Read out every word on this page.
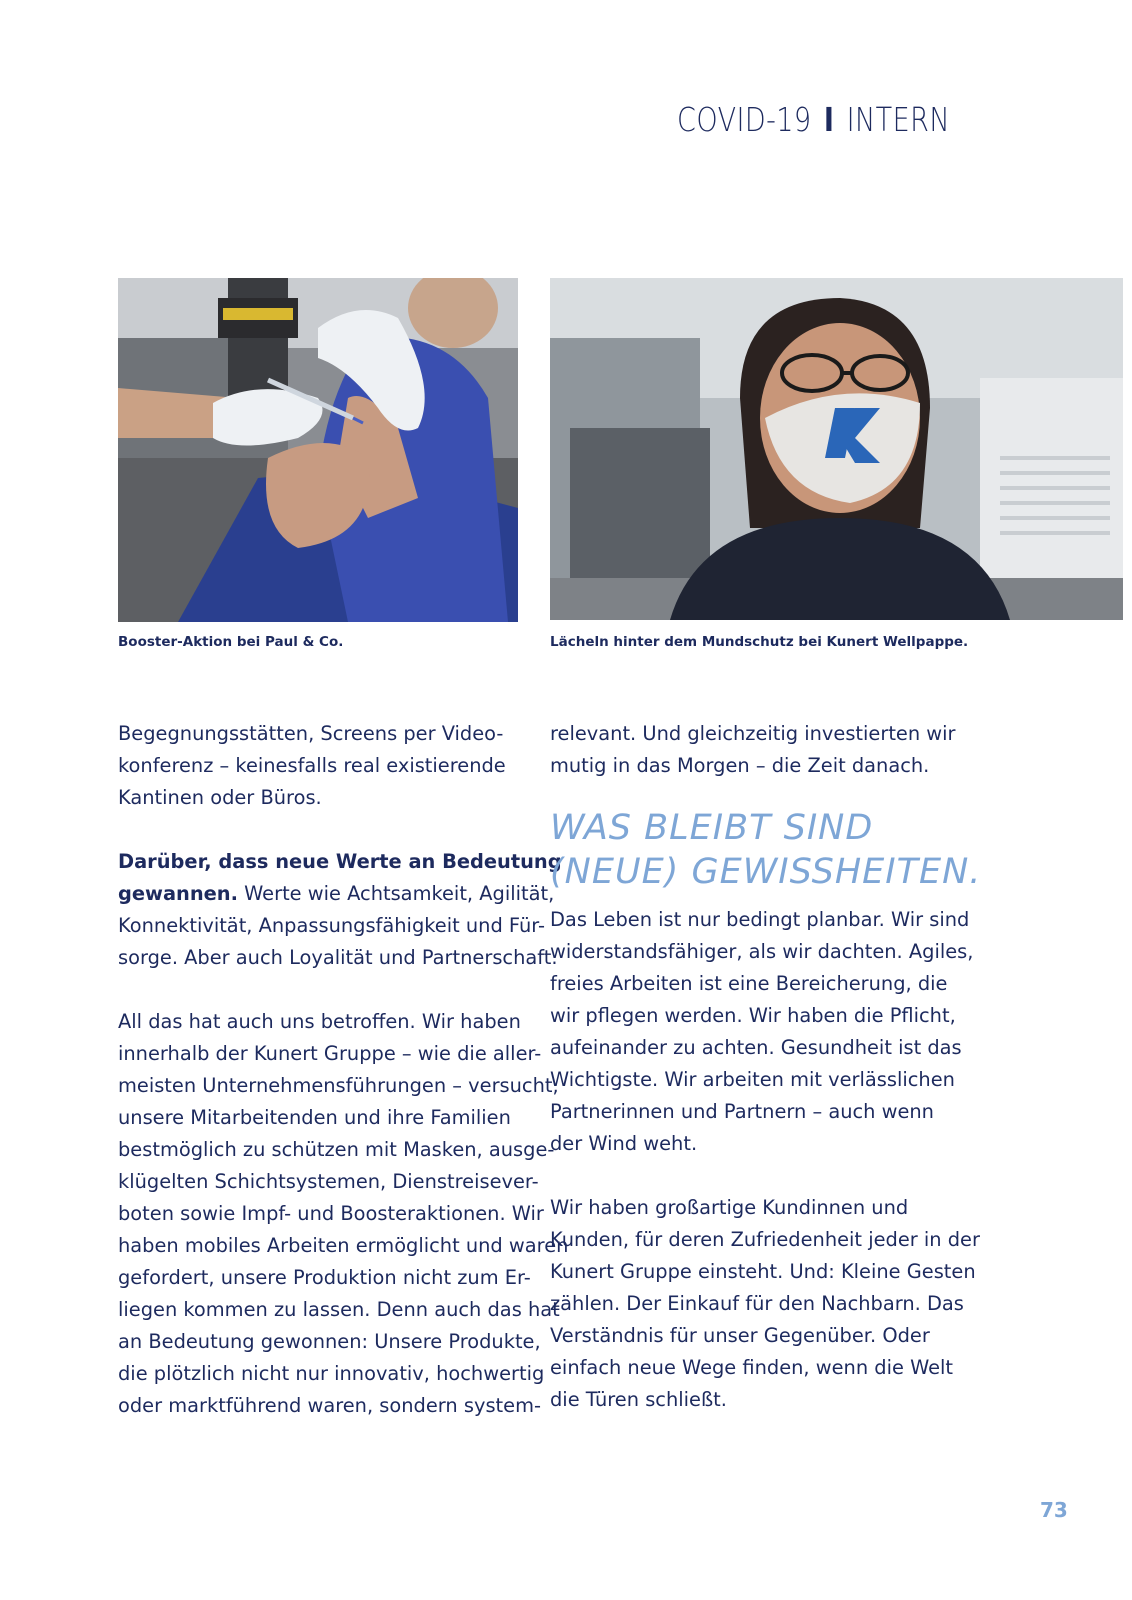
COVID-19 I INTERN
Booster-Aktion bei Paul & Co.	Lächeln hinter dem Mundschutz bei Kunert Wellpappe.

Begegnungsstätten, Screens per Video-

konferenz – keinesfalls real existierende

Kantinen oder Büros.

Darüber, dass neue Werte an Bedeutung

gewannen. Werte wie Achtsamkeit, Agilität,

Konnektivität, Anpassungsfähigkeit und Für-

sorge. Aber auch Loyalität und Partnerschaft.

All das hat auch uns betroffen. Wir haben

innerhalb der Kunert Gruppe – wie die aller-

meisten Unternehmensführungen – versucht,

unsere Mitarbeitenden und ihre Familien

bestmöglich zu schützen mit Masken, ausge-

klügelten Schichtsystemen, Dienstreisever-

boten sowie Impf- und Boosteraktionen. Wir

haben mobiles Arbeiten ermöglicht und waren

gefordert, unsere Produktion nicht zum Er-

liegen kommen zu lassen. Denn auch das hat

an Bedeutung gewonnen: Unsere Produkte,

die plötzlich nicht nur innovativ, hochwertig

oder marktführend waren, sondern system-

relevant. Und gleichzeitig investierten wir

mutig in das Morgen – die Zeit danach.

WAS BLEIBT SIND
(NEUE) GEWISSHEITEN.

Das Leben ist nur bedingt planbar. Wir sind

widerstandsfähiger, als wir dachten. Agiles,

freies Arbeiten ist eine Bereicherung, die

wir pflegen werden. Wir haben die Pflicht,

aufeinander zu achten. Gesundheit ist das

Wichtigste. Wir arbeiten mit verlässlichen

Partnerinnen und Partnern – auch wenn

der Wind weht.

Wir haben großartige Kundinnen und

Kunden, für deren Zufriedenheit jeder in der

Kunert Gruppe einsteht. Und: Kleine Gesten

zählen. Der Einkauf für den Nachbarn. Das

Verständnis für unser Gegenüber. Oder

einfach neue Wege finden, wenn die Welt

die Türen schließt.

73
